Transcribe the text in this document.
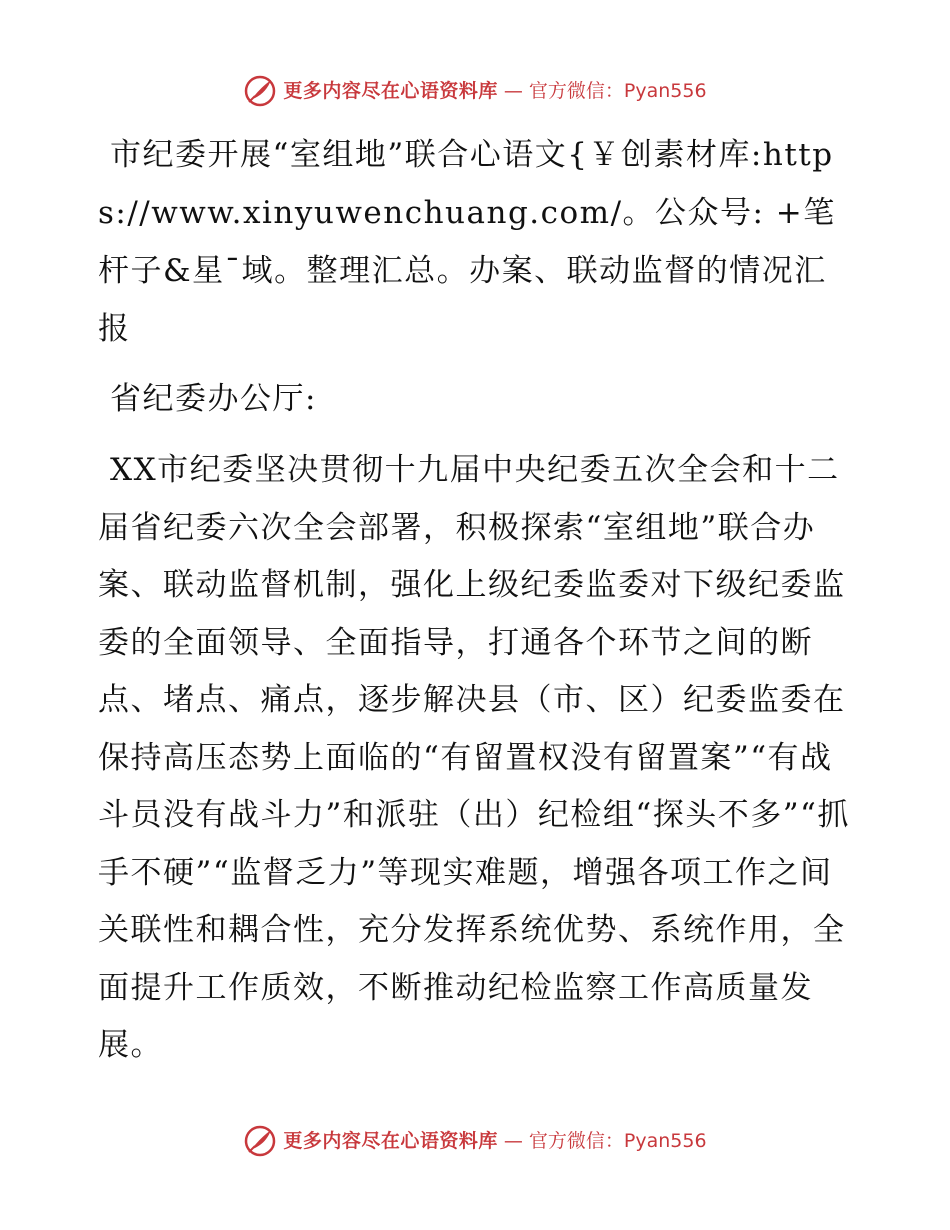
更多内容尽在心语资料库 — 官方微信：Pyan556

市纪委开展“室组地”联合心语文{￥创素材库:https://www.xinyuwenchuang.com/。公众号: +笔杆子&星¯域。整理汇总。办案、联动监督的情况汇报

省纪委办公厅:

XX市纪委坚决贯彻十九届中央纪委五次全会和十二届省纪委六次全会部署，积极探索“室组地”联合办案、联动监督机制，强化上级纪委监委对下级纪委监委的全面领导、全面指导，打通各个环节之间的断点、堵点、痛点，逐步解决县（市、区）纪委监委在保持高压态势上面临的“有留置权没有留置案”“有战斗员没有战斗力”和派驻（出）纪检组“探头不多”“抓手不硬”“监督乏力”等现实难题，增强各项工作之间关联性和耦合性，充分发挥系统优势、系统作用，全面提升工作质效，不断推动纪检监察工作高质量发展。

更多内容尽在心语资料库 — 官方微信：Pyan556
